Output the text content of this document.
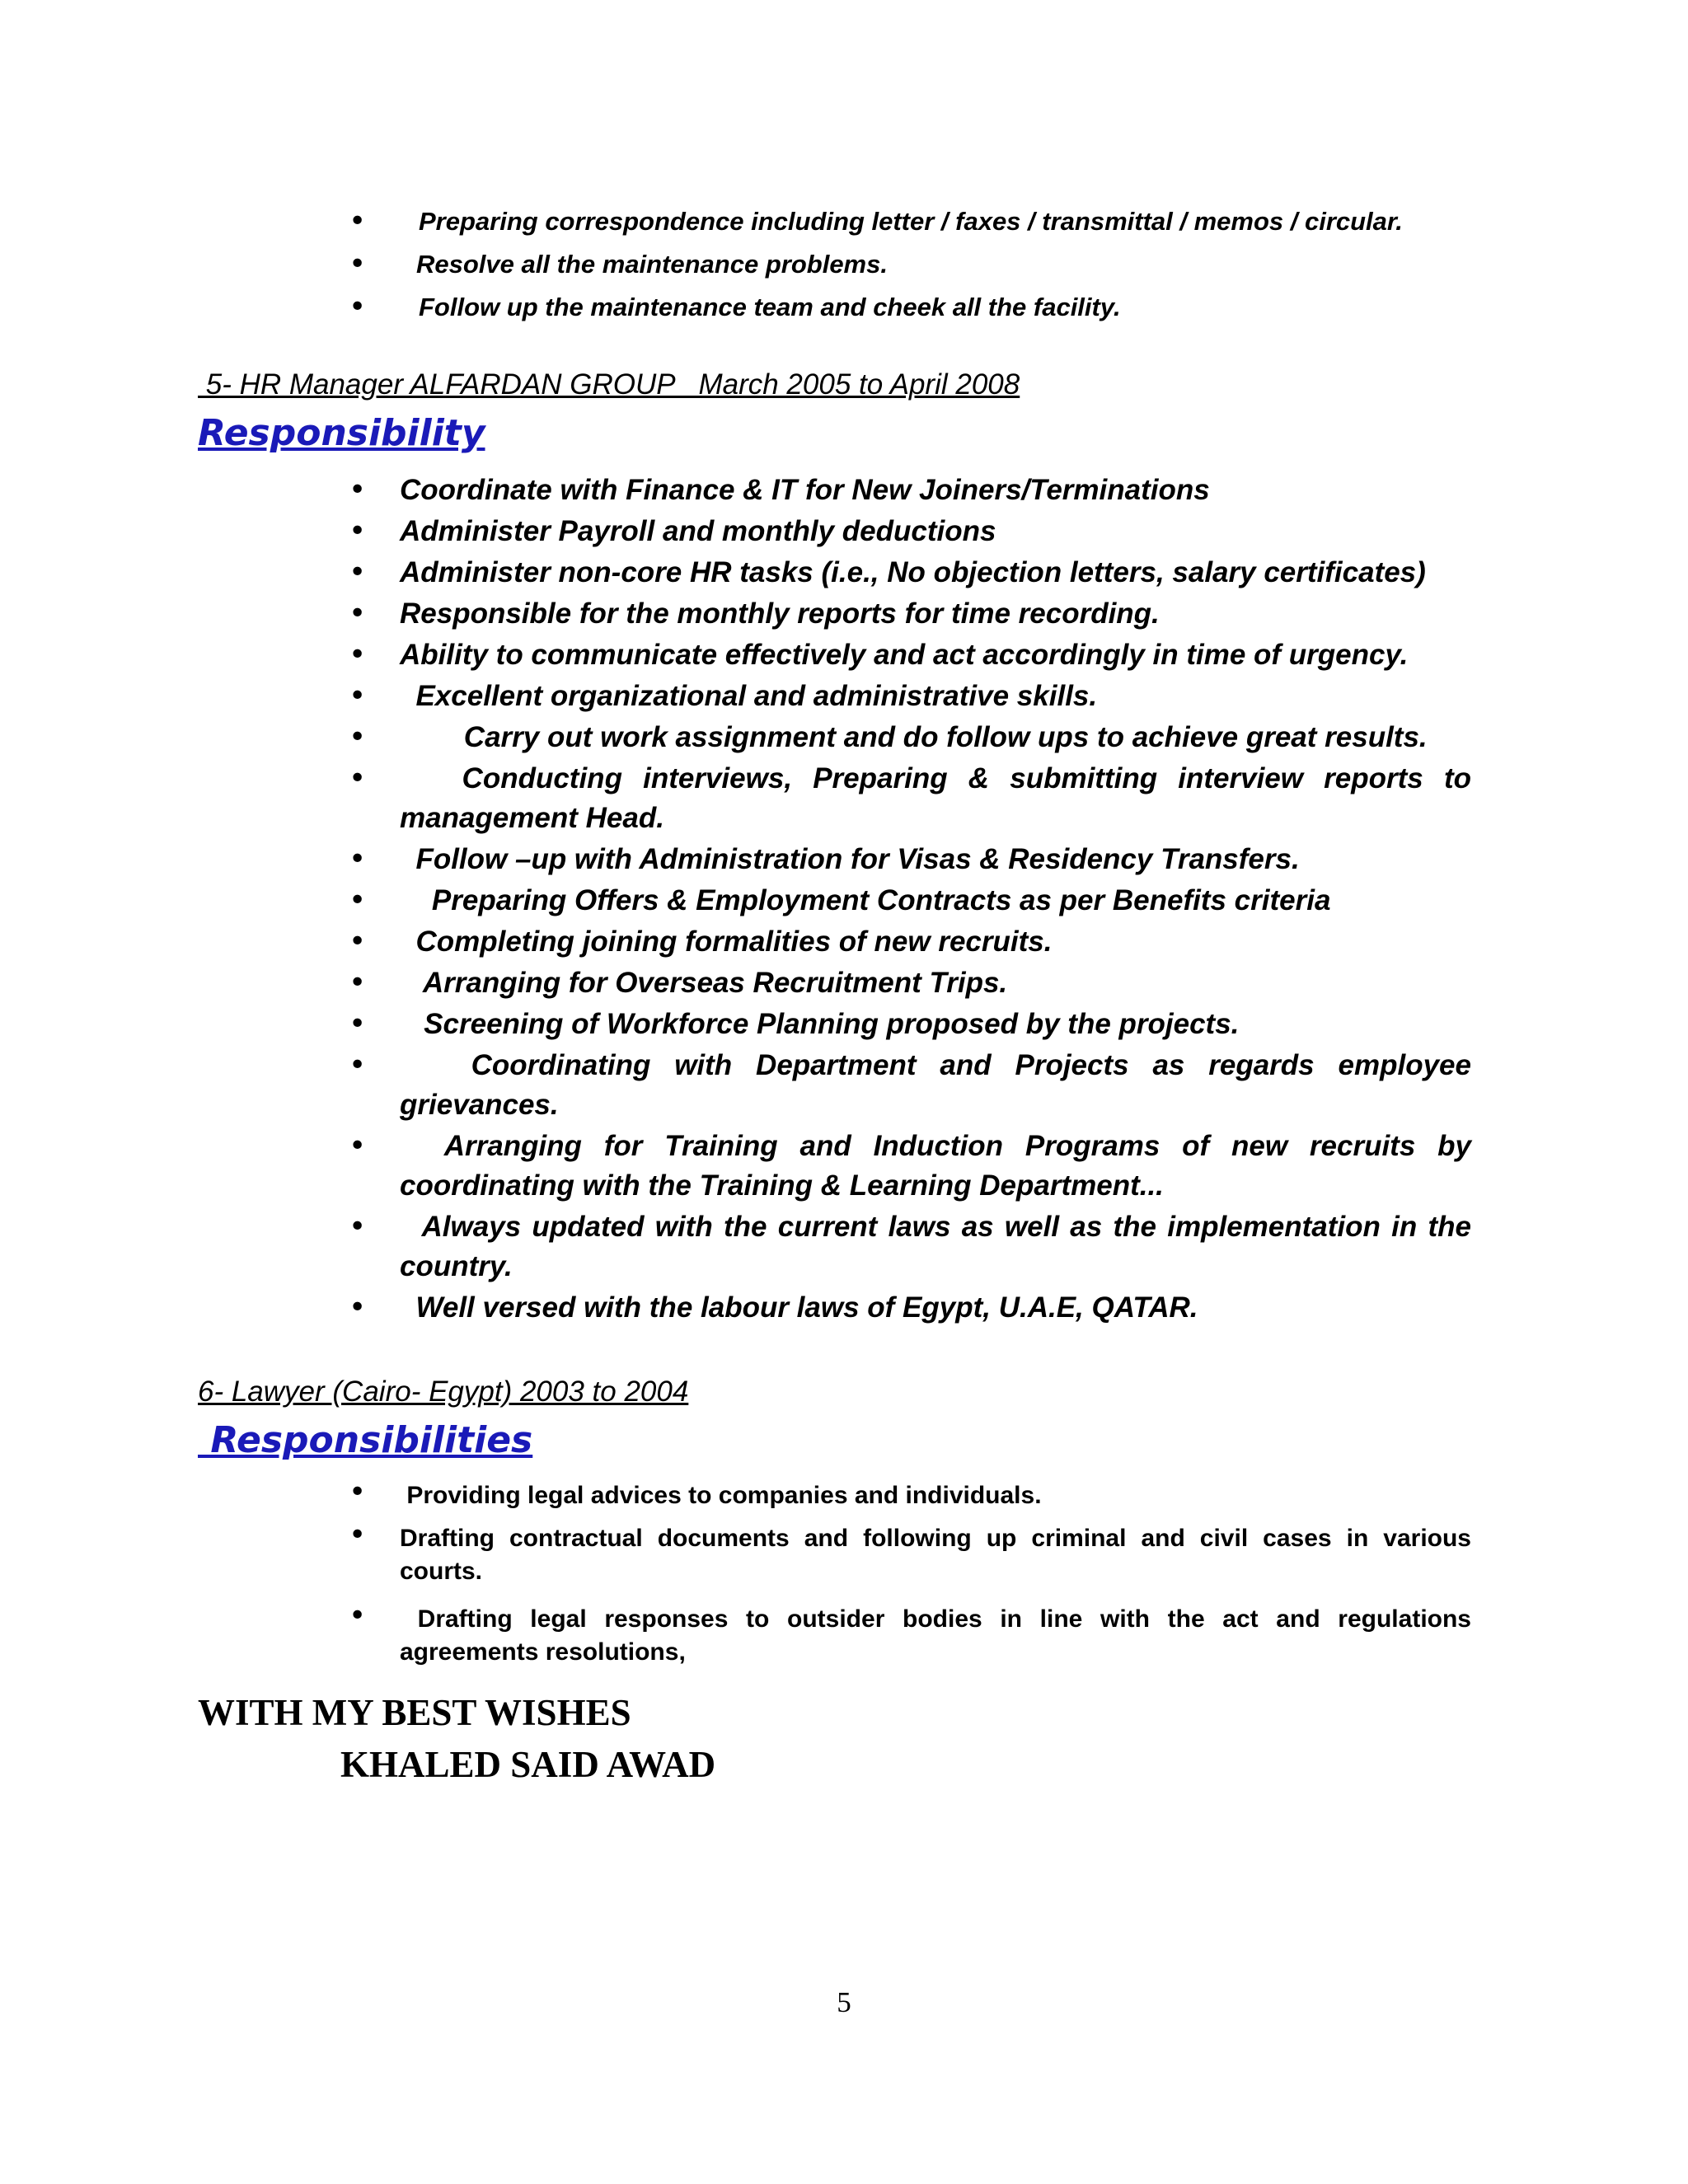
• Preparing correspondence including letter / faxes / transmittal / memos / circular.
• Resolve all the maintenance problems.
• Follow up the maintenance team and cheek all the facility.
5- HR Manager ALFARDAN GROUP   March 2005 to April 2008
Responsibility
• Coordinate with Finance & IT for New Joiners/Terminations
• Administer Payroll and monthly deductions
• Administer non-core HR tasks (i.e., No objection letters, salary certificates)
• Responsible for the monthly reports for time recording.
• Ability to communicate effectively and act accordingly in time of urgency.
•   Excellent organizational and administrative skills.
•         Carry out work assignment and do follow ups to achieve great results.
•    Conducting interviews, Preparing & submitting interview reports to management Head.
•   Follow –up with Administration for Visas & Residency Transfers.
•     Preparing Offers & Employment Contracts as per Benefits criteria
•   Completing joining formalities of new recruits.
•    Arranging for Overseas Recruitment Trips.
•    Screening of Workforce Planning proposed by the projects.
•    Coordinating with Department and Projects as regards employee grievances.
•   Arranging for Training and Induction Programs of new recruits by coordinating with the Training & Learning Department...
•   Always updated with the current laws as well as the implementation in the country.
•   Well versed with the labour laws of Egypt, U.A.E, QATAR.
6- Lawyer (Cairo- Egypt) 2003 to 2004
Responsibilities
•  Providing legal advices to companies and individuals.
• Drafting contractual documents and following up criminal and civil cases in various courts.
•  Drafting legal responses to outsider bodies in line with the act and regulations agreements resolutions,
WITH MY BEST WISHES
KHALED SAID AWAD
5
